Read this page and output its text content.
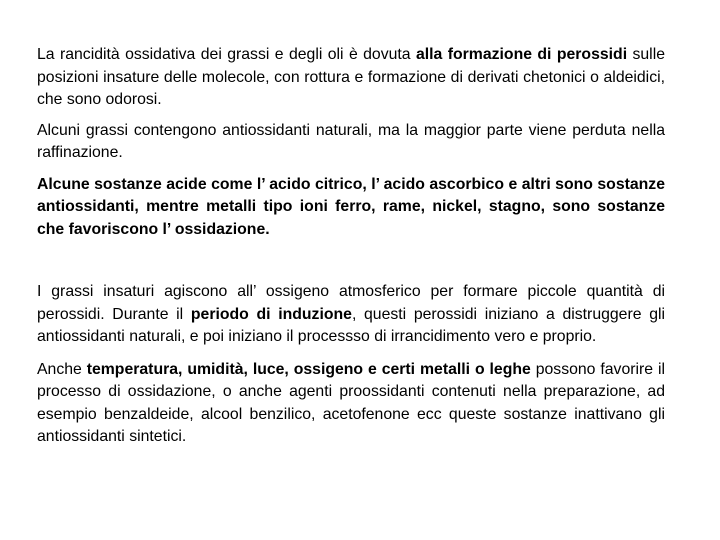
La rancidità ossidativa dei grassi e degli oli è dovuta alla formazione di perossidi sulle posizioni insature delle molecole, con rottura e formazione di derivati chetonici o aldeidici, che sono odorosi.

Alcuni grassi contengono antiossidanti naturali, ma la maggior parte viene perduta nella raffinazione.

Alcune sostanze acide come l’ acido citrico, l’ acido ascorbico e altri sono sostanze antiossidanti, mentre metalli tipo ioni ferro, rame, nickel, stagno, sono sostanze che favoriscono l’ ossidazione.

I grassi insaturi agiscono all’ ossigeno atmosferico per formare piccole quantità di perossidi. Durante il periodo di induzione, questi perossidi iniziano a distruggere gli antiossidanti naturali, e poi iniziano il processso di irrancidimento vero e proprio.

Anche temperatura, umidità, luce, ossigeno e certi metalli o leghe possono favorire il processo di ossidazione, o anche agenti proossidanti contenuti nella preparazione, ad esempio benzaldeide, alcool benzilico, acetofenone ecc queste sostanze inattivano gli antiossidanti sintetici.
